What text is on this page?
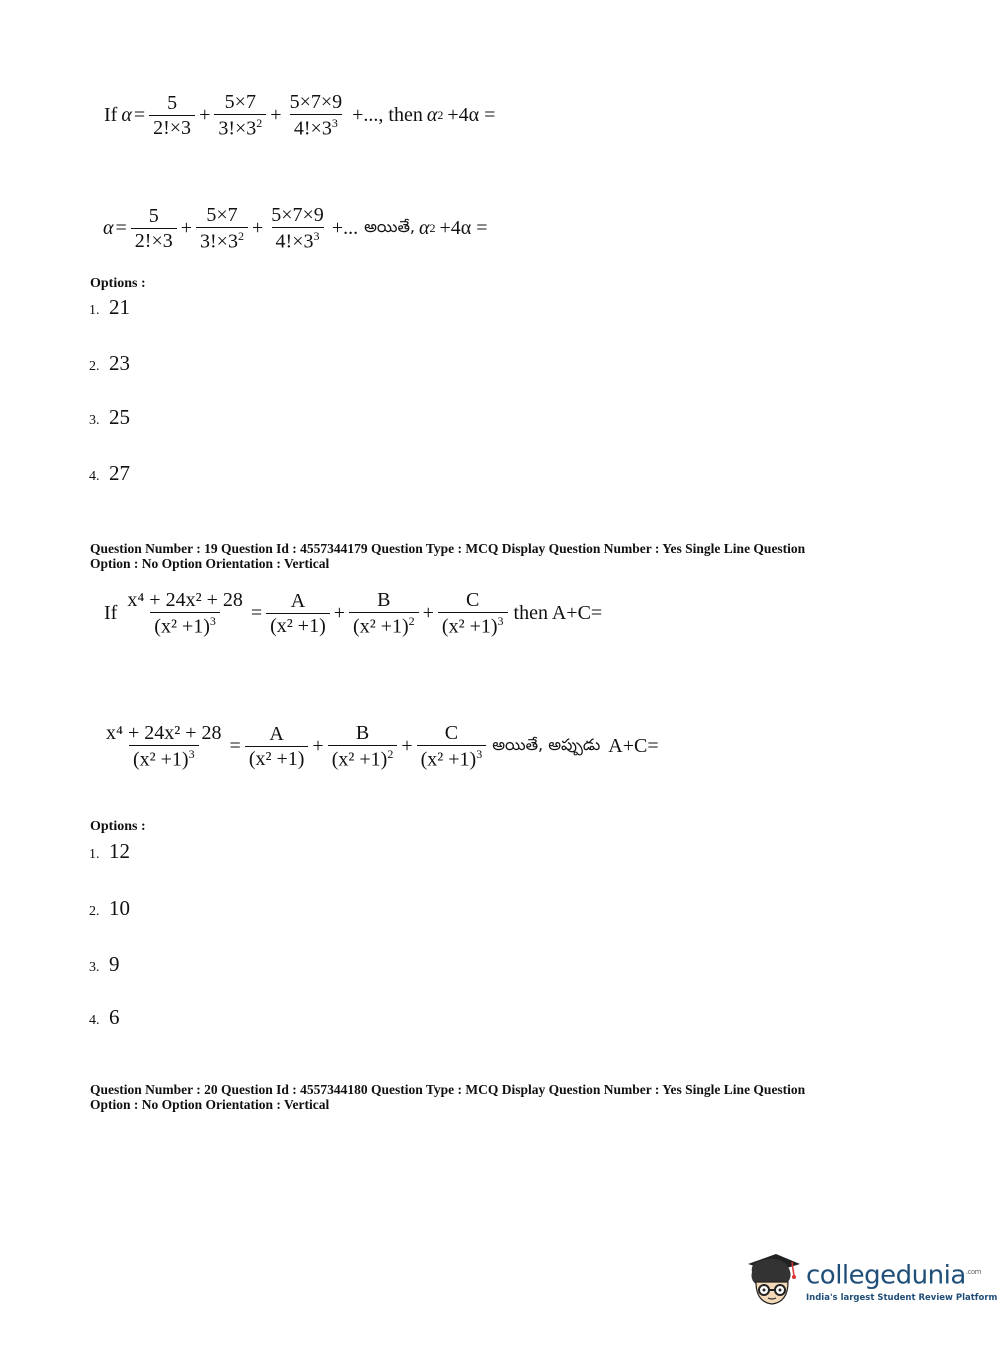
If $\alpha = \frac{5}{2!\times 3} + \frac{5\times 7}{3!\times 3^2} + \frac{5\times 7\times 9}{4!\times 3^3}$ +..., then α 2 +4α =
$\alpha = \frac{5}{2!\times 3} + \frac{5\times 7}{3!\times 3^2} + \frac{5\times 7\times 9}{4!\times 3^3}$ +... అయితే, α 2 +4α =
Options :
1. 21
2. 23
3. 25
4. 27
Question Number : 19 Question Id : 4557344179 Question Type : MCQ Display Question Number : Yes Single Line Question
Option : No Option Orientation : Vertical
If $\frac{\text{x⁴ + 24x² + 28}}{(x^2 +1)^3} = \frac{A}{\text{(x² +1)}} + \frac{B}{(x^2 +1)^2} + \frac{C}{(x^2 +1)^3}$ then A+C=
$\frac{\text{x⁴ + 24x² + 28}}{(x^2 +1)^3} = \frac{A}{\text{(x² +1)}} + \frac{B}{(x^2 +1)^2} + \frac{C}{(x^2 +1)^3}$ అయితే, అప్పుడు A+C=
Options :
1. 12
2. 10
3. 9
4. 6
Question Number : 20 Question Id : 4557344180 Question Type : MCQ Display Question Number : Yes Single Line Question
Option : No Option Orientation : Vertical
collegedunia$^{.com}$
India's largest Student Review Platform
